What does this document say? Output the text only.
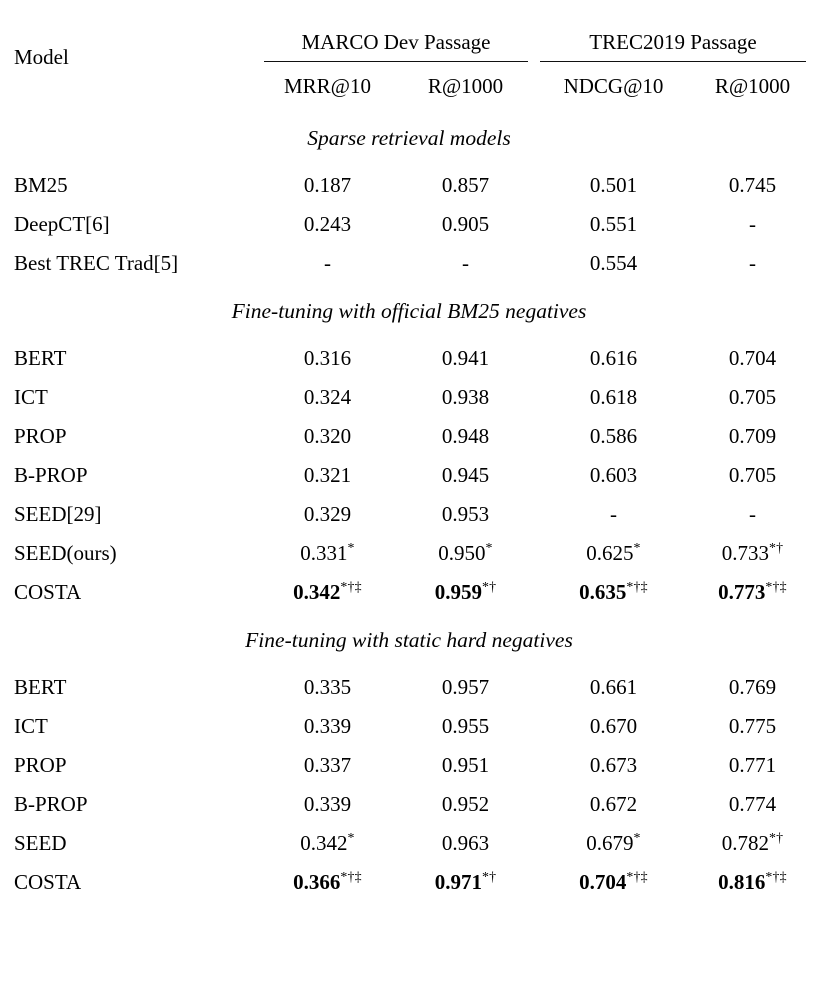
Model	MARCO Dev Passage		TREC2019 Passage	

	MRR@10	R@1000	NDCG@10	R@1000
Sparse retrieval models				
BM25	0.187	0.857	0.501	0.745
DeepCT[6]	0.243	0.905	0.551	-
Best TREC Trad[5]	-	-	0.554	-
Fine-tuning with official BM25 negatives				
BERT	0.316	0.941	0.616	0.704
ICT	0.324	0.938	0.618	0.705
PROP	0.320	0.948	0.586	0.709
B-PROP	0.321	0.945	0.603	0.705
SEED[29]	0.329	0.953	-	-
SEED(ours)	0.331*	0.950*	0.625*	0.733*†
COSTA	0.342*†‡	0.959*†	0.635*†‡	0.773*†‡
Fine-tuning with static hard negatives				
BERT	0.335	0.957	0.661	0.769
ICT	0.339	0.955	0.670	0.775
PROP	0.337	0.951	0.673	0.771
B-PROP	0.339	0.952	0.672	0.774
SEED	0.342*	0.963	0.679*	0.782*†
COSTA	0.366*†‡	0.971*†	0.704*†‡	0.816*†‡
